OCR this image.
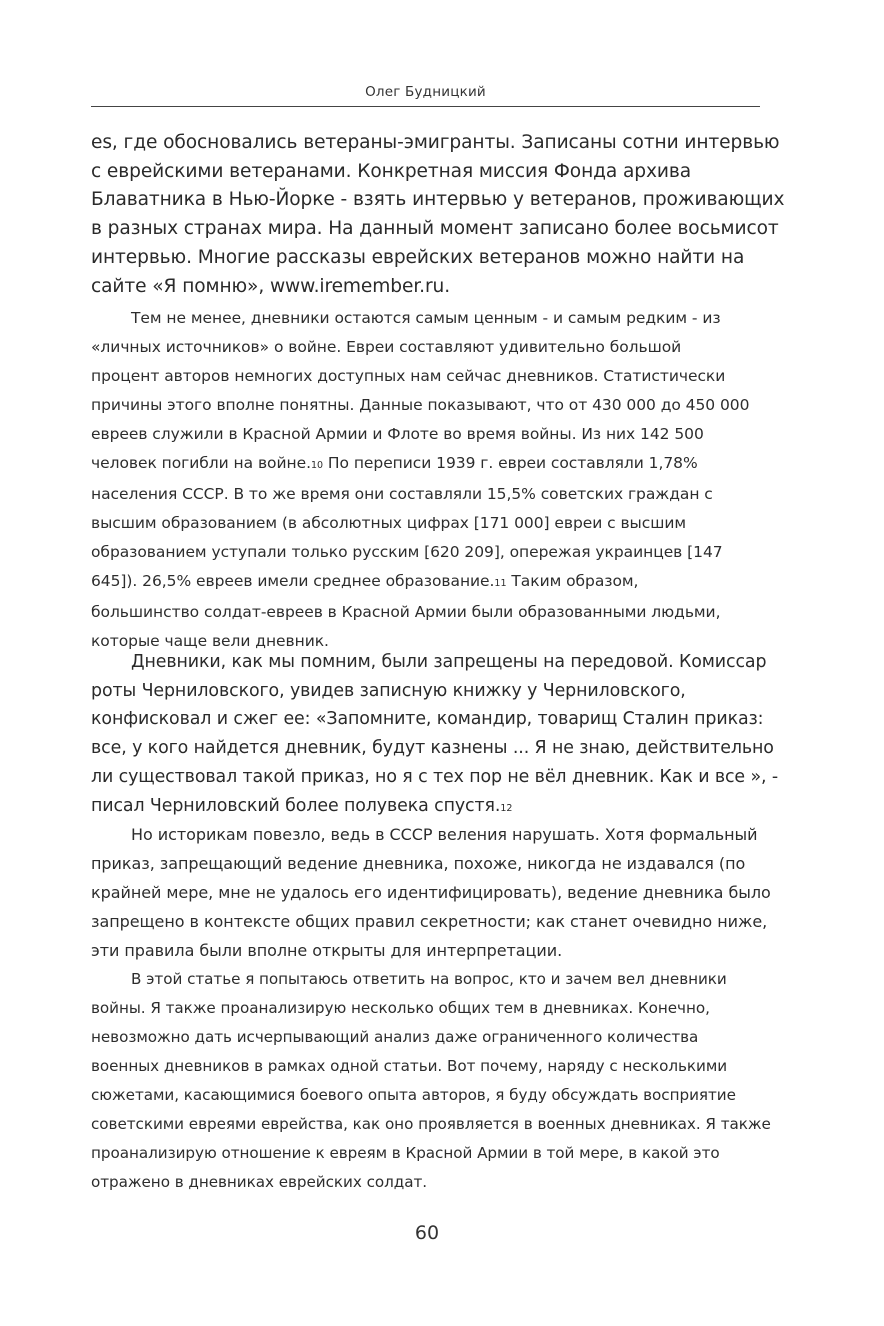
Олег Будницкий

es, где обосновались ветераны-эмигранты. Записаны сотни интервью
с еврейскими ветеранами. Конкретная миссия Фонда архива
Блаватника в Нью-Йорке - взять интервью у ветеранов, проживающих
в разных странах мира. На данный момент записано более восьмисот
интервью. Многие рассказы еврейских ветеранов можно найти на
сайте «Я помню», www.iremember.ru.

Тем не менее, дневники остаются самым ценным - и самым редким - из
«личных источников» о войне. Евреи составляют удивительно большой
процент авторов немногих доступных нам сейчас дневников. Статистически
причины этого вполне понятны. Данные показывают, что от 430 000 до 450 000
евреев служили в Красной Армии и Флоте во время войны. Из них 142 500
человек погибли на войне.10 По переписи 1939 г. евреи составляли 1,78%
населения СССР. В то же время они составляли 15,5% советских граждан с
высшим образованием (в абсолютных цифрах [171 000] евреи с высшим
образованием уступали только русским [620 209], опережая украинцев [147
645]). 26,5% евреев имели среднее образование.11 Таким образом,
большинство солдат-евреев в Красной Армии были образованными людьми,
которые чаще вели дневник.

Дневники, как мы помним, были запрещены на передовой. Комиссар
роты Черниловского, увидев записную книжку у Черниловского,
конфисковал и сжег ее: «Запомните, командир, товарищ Сталин приказ:
все, у кого найдется дневник, будут казнены ... Я не знаю, действительно
ли существовал такой приказ, но я с тех пор не вёл дневник. Как и все », -
писал Черниловский более полувека спустя.12

Но историкам повезло, ведь в СССР веления нарушать. Хотя формальный
приказ, запрещающий ведение дневника, похоже, никогда не издавался (по
крайней мере, мне не удалось его идентифицировать), ведение дневника было
запрещено в контексте общих правил секретности; как станет очевидно ниже,
эти правила были вполне открыты для интерпретации.

В этой статье я попытаюсь ответить на вопрос, кто и зачем вел дневники
войны. Я также проанализирую несколько общих тем в дневниках. Конечно,
невозможно дать исчерпывающий анализ даже ограниченного количества
военных дневников в рамках одной статьи. Вот почему, наряду с несколькими
сюжетами, касающимися боевого опыта авторов, я буду обсуждать восприятие
советскими евреями еврейства, как оно проявляется в военных дневниках. Я также
проанализирую отношение к евреям в Красной Армии в той мере, в какой это
отражено в дневниках еврейских солдат.

60
